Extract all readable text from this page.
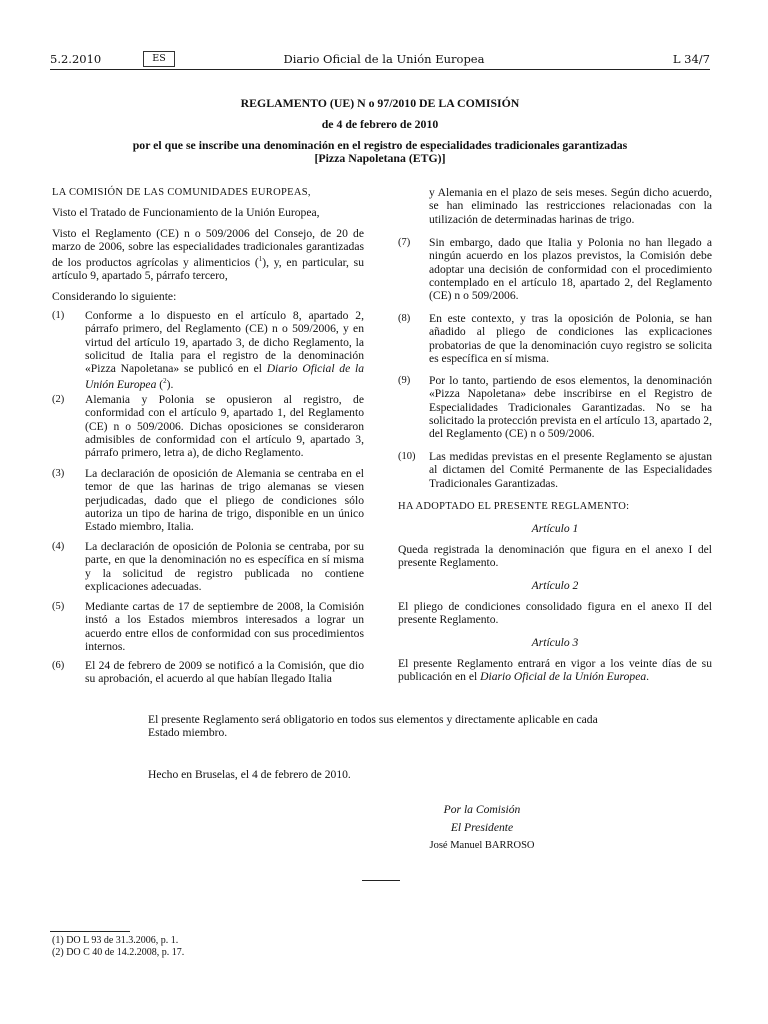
5.2.2010	ES	Diario Oficial de la Unión Europea	L 34/7
REGLAMENTO (UE) N o 97/2010 DE LA COMISIÓN
de 4 de febrero de 2010
por el que se inscribe una denominación en el registro de especialidades tradicionales garantizadas
[Pizza Napoletana (ETG)]

LA COMISIÓN DE LAS COMUNIDADES EUROPEAS,

Visto el Tratado de Funcionamiento de la Unión Europea,

Visto el Reglamento (CE) n o 509/2006 del Consejo, de 20 de marzo de 2006, sobre las especialidades tradicionales garantizadas de los productos agrícolas y alimenticios ($^1$), y, en particular, su artículo 9, apartado 5, párrafo tercero,

Considerando lo siguiente:

(1) Conforme a lo dispuesto en el artículo 8, apartado 2, párrafo primero, del Reglamento (CE) n o 509/2006, y en virtud del artículo 19, apartado 3, de dicho Reglamento, la solicitud de Italia para el registro de la denominación «Pizza Napoletana» se publicó en el Diario Oficial de la Unión Europea ($^2$).
(2) Alemania y Polonia se opusieron al registro, de conformidad con el artículo 9, apartado 1, del Reglamento (CE) n o 509/2006. Dichas oposiciones se consideraron admisibles de conformidad con el artículo 9, apartado 3, párrafo primero, letra a), de dicho Reglamento.
(3) La declaración de oposición de Alemania se centraba en el temor de que las harinas de trigo alemanas se viesen perjudicadas, dado que el pliego de condiciones sólo autoriza un tipo de harina de trigo, disponible en un único Estado miembro, Italia.
(4) La declaración de oposición de Polonia se centraba, por su parte, en que la denominación no es específica en sí misma y la solicitud de registro publicada no contiene explicaciones adecuadas.
(5) Mediante cartas de 17 de septiembre de 2008, la Comisión instó a los Estados miembros interesados a lograr un acuerdo entre ellos de conformidad con sus procedimientos internos.
(6) El 24 de febrero de 2009 se notificó a la Comisión, que dio su aprobación, el acuerdo al que habían llegado Italia
y Alemania en el plazo de seis meses. Según dicho acuerdo, se han eliminado las restricciones relacionadas con la utilización de determinadas harinas de trigo.
(7) Sin embargo, dado que Italia y Polonia no han llegado a ningún acuerdo en los plazos previstos, la Comisión debe adoptar una decisión de conformidad con el procedimiento contemplado en el artículo 18, apartado 2, del Reglamento (CE) n o 509/2006.
(8) En este contexto, y tras la oposición de Polonia, se han añadido al pliego de condiciones las explicaciones probatorias de que la denominación cuyo registro se solicita es específica en sí misma.
(9) Por lo tanto, partiendo de esos elementos, la denominación «Pizza Napoletana» debe inscribirse en el Registro de Especialidades Tradicionales Garantizadas. No se ha solicitado la protección prevista en el artículo 13, apartado 2, del Reglamento (CE) n o 509/2006.
(10) Las medidas previstas en el presente Reglamento se ajustan al dictamen del Comité Permanente de las Especialidades Tradicionales Garantizadas.
HA ADOPTADO EL PRESENTE REGLAMENTO:
Artículo 1
Queda registrada la denominación que figura en el anexo I del presente Reglamento.
Artículo 2
El pliego de condiciones consolidado figura en el anexo II del presente Reglamento.
Artículo 3
El presente Reglamento entrará en vigor a los veinte días de su publicación en el Diario Oficial de la Unión Europea.
El presente Reglamento será obligatorio en todos sus elementos y directamente aplicable en cada Estado miembro.
Hecho en Bruselas, el 4 de febrero de 2010.
Por la Comisión
El Presidente
José Manuel BARROSO
(1) DO L 93 de 31.3.2006, p. 1.
(2) DO C 40 de 14.2.2008, p. 17.
